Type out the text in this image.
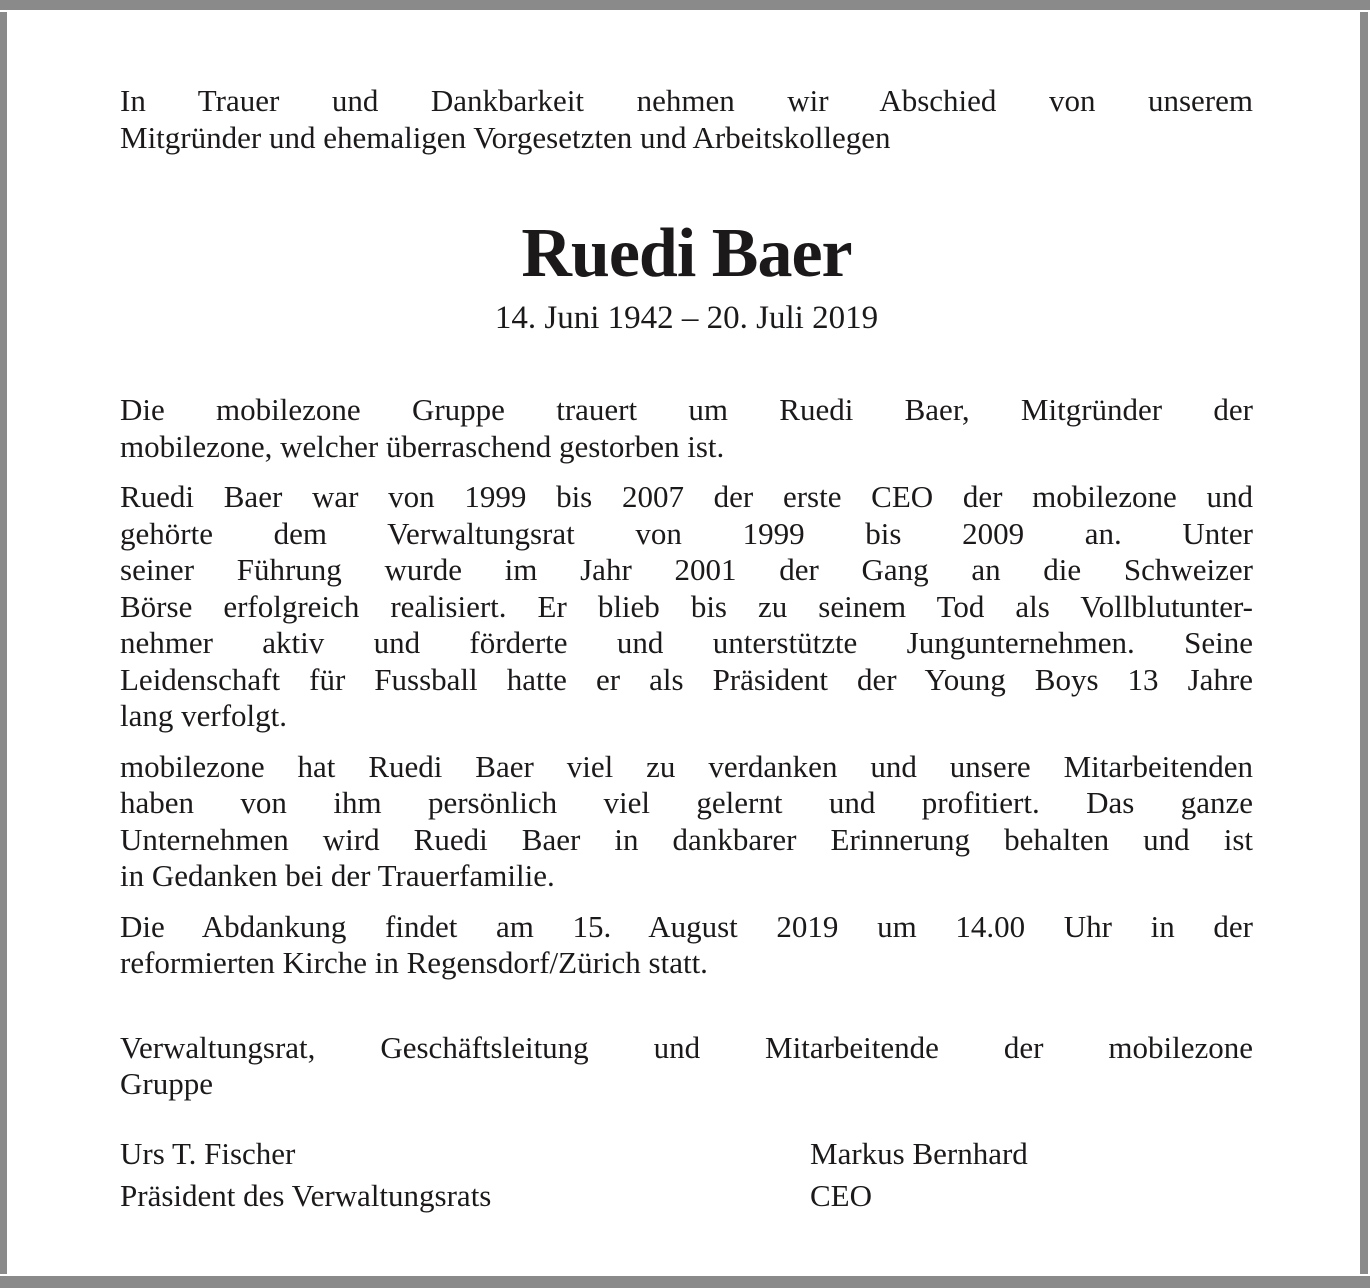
In Trauer und Dankbarkeit nehmen wir Abschied von unserem
Mitgründer und ehemaligen Vorgesetzten und Arbeitskollegen
Ruedi Baer
14. Juni 1942 – 20. Juli 2019
Die mobilezone Gruppe trauert um Ruedi Baer, Mitgründer der
mobilezone, welcher überraschend gestorben ist.
Ruedi Baer war von 1999 bis 2007 der erste CEO der mobilezone und
gehörte dem Verwaltungsrat von 1999 bis 2009 an. Unter
seiner Führung wurde im Jahr 2001 der Gang an die Schweizer
Börse erfolgreich realisiert. Er blieb bis zu seinem Tod als Vollblutunter-
nehmer aktiv und förderte und unterstützte Jungunternehmen. Seine
Leidenschaft für Fussball hatte er als Präsident der Young Boys 13 Jahre
lang verfolgt.
mobilezone hat Ruedi Baer viel zu verdanken und unsere Mitarbeitenden
haben von ihm persönlich viel gelernt und profitiert. Das ganze
Unternehmen wird Ruedi Baer in dankbarer Erinnerung behalten und ist
in Gedanken bei der Trauerfamilie.
Die Abdankung findet am 15. August 2019 um 14.00 Uhr in der
reformierten Kirche in Regensdorf/Zürich statt.
Verwaltungsrat, Geschäftsleitung und Mitarbeitende der mobilezone
Gruppe
Urs T. Fischer
Präsident des Verwaltungsrats
Markus Bernhard
CEO
